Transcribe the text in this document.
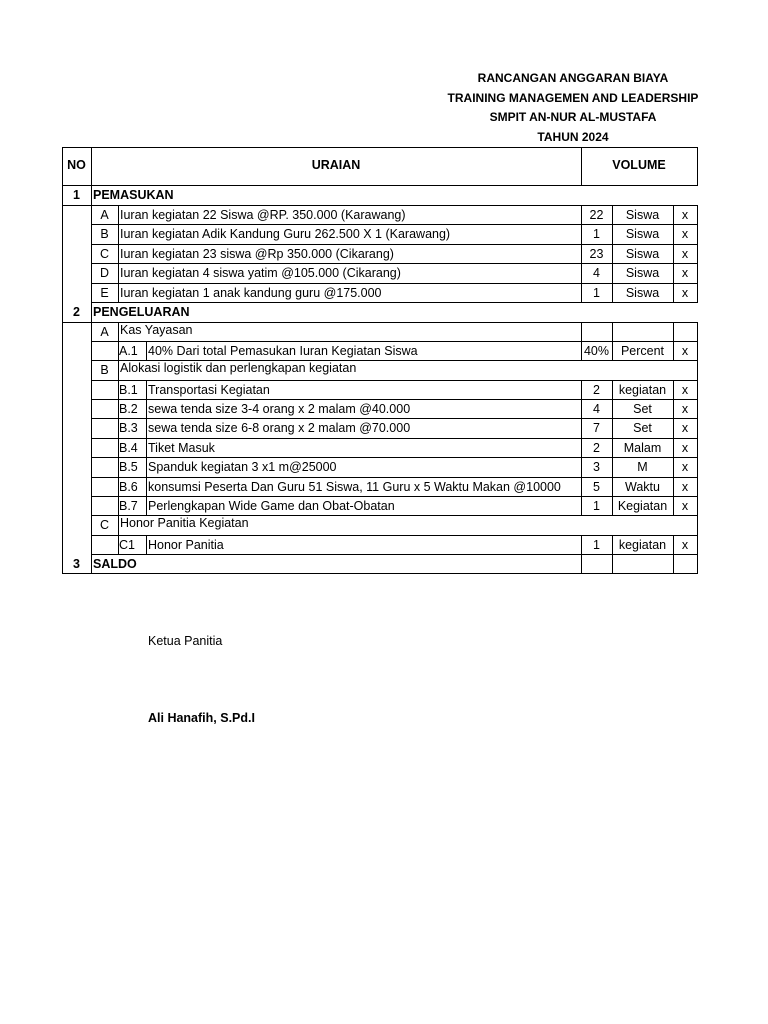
RANCANGAN ANGGARAN BIAYA
TRAINING MANAGEMEN AND LEADERSHIP
SMPIT AN-NUR AL-MUSTAFA
TAHUN 2024
NO	URAIAN	VOLUME
1	PEMASUKAN
A Iuran kegiatan 22 Siswa @RP. 350.000 (Karawang)	22	Siswa	x
B Iuran kegiatan Adik Kandung Guru 262.500 X 1 (Karawang)	1	Siswa	x
C Iuran kegiatan 23 siswa @Rp 350.000 (Cikarang)	23	Siswa	x
D Iuran kegiatan 4 siswa yatim @105.000 (Cikarang)	4	Siswa	x
E Iuran kegiatan 1 anak kandung guru @175.000	1	Siswa	x
2	PENGELUARAN
A Kas Yayasan
A.1 40% Dari total Pemasukan Iuran Kegiatan Siswa	40% Percent	x
B Alokasi logistik dan perlengkapan kegiatan
B.1 Transportasi Kegiatan	2	kegiatan	x
B.2 sewa tenda size 3-4 orang x 2 malam @40.000	4	Set	x
B.3 sewa tenda size 6-8 orang x 2 malam @70.000	7	Set	x
B.4 Tiket Masuk	2	Malam	x
B.5 Spanduk kegiatan 3 x1 m@25000	3	M	x
B.6 konsumsi Peserta Dan Guru 51 Siswa, 11 Guru x 5 Waktu Makan @10000	5	Waktu	x
B.7 Perlengkapan Wide Game dan Obat-Obatan	1	Kegiatan	x
C Honor Panitia Kegiatan
C1 Honor Panitia	1	kegiatan	x
3	SALDO
Ketua Panitia
Ali Hanafih, S.Pd.I
